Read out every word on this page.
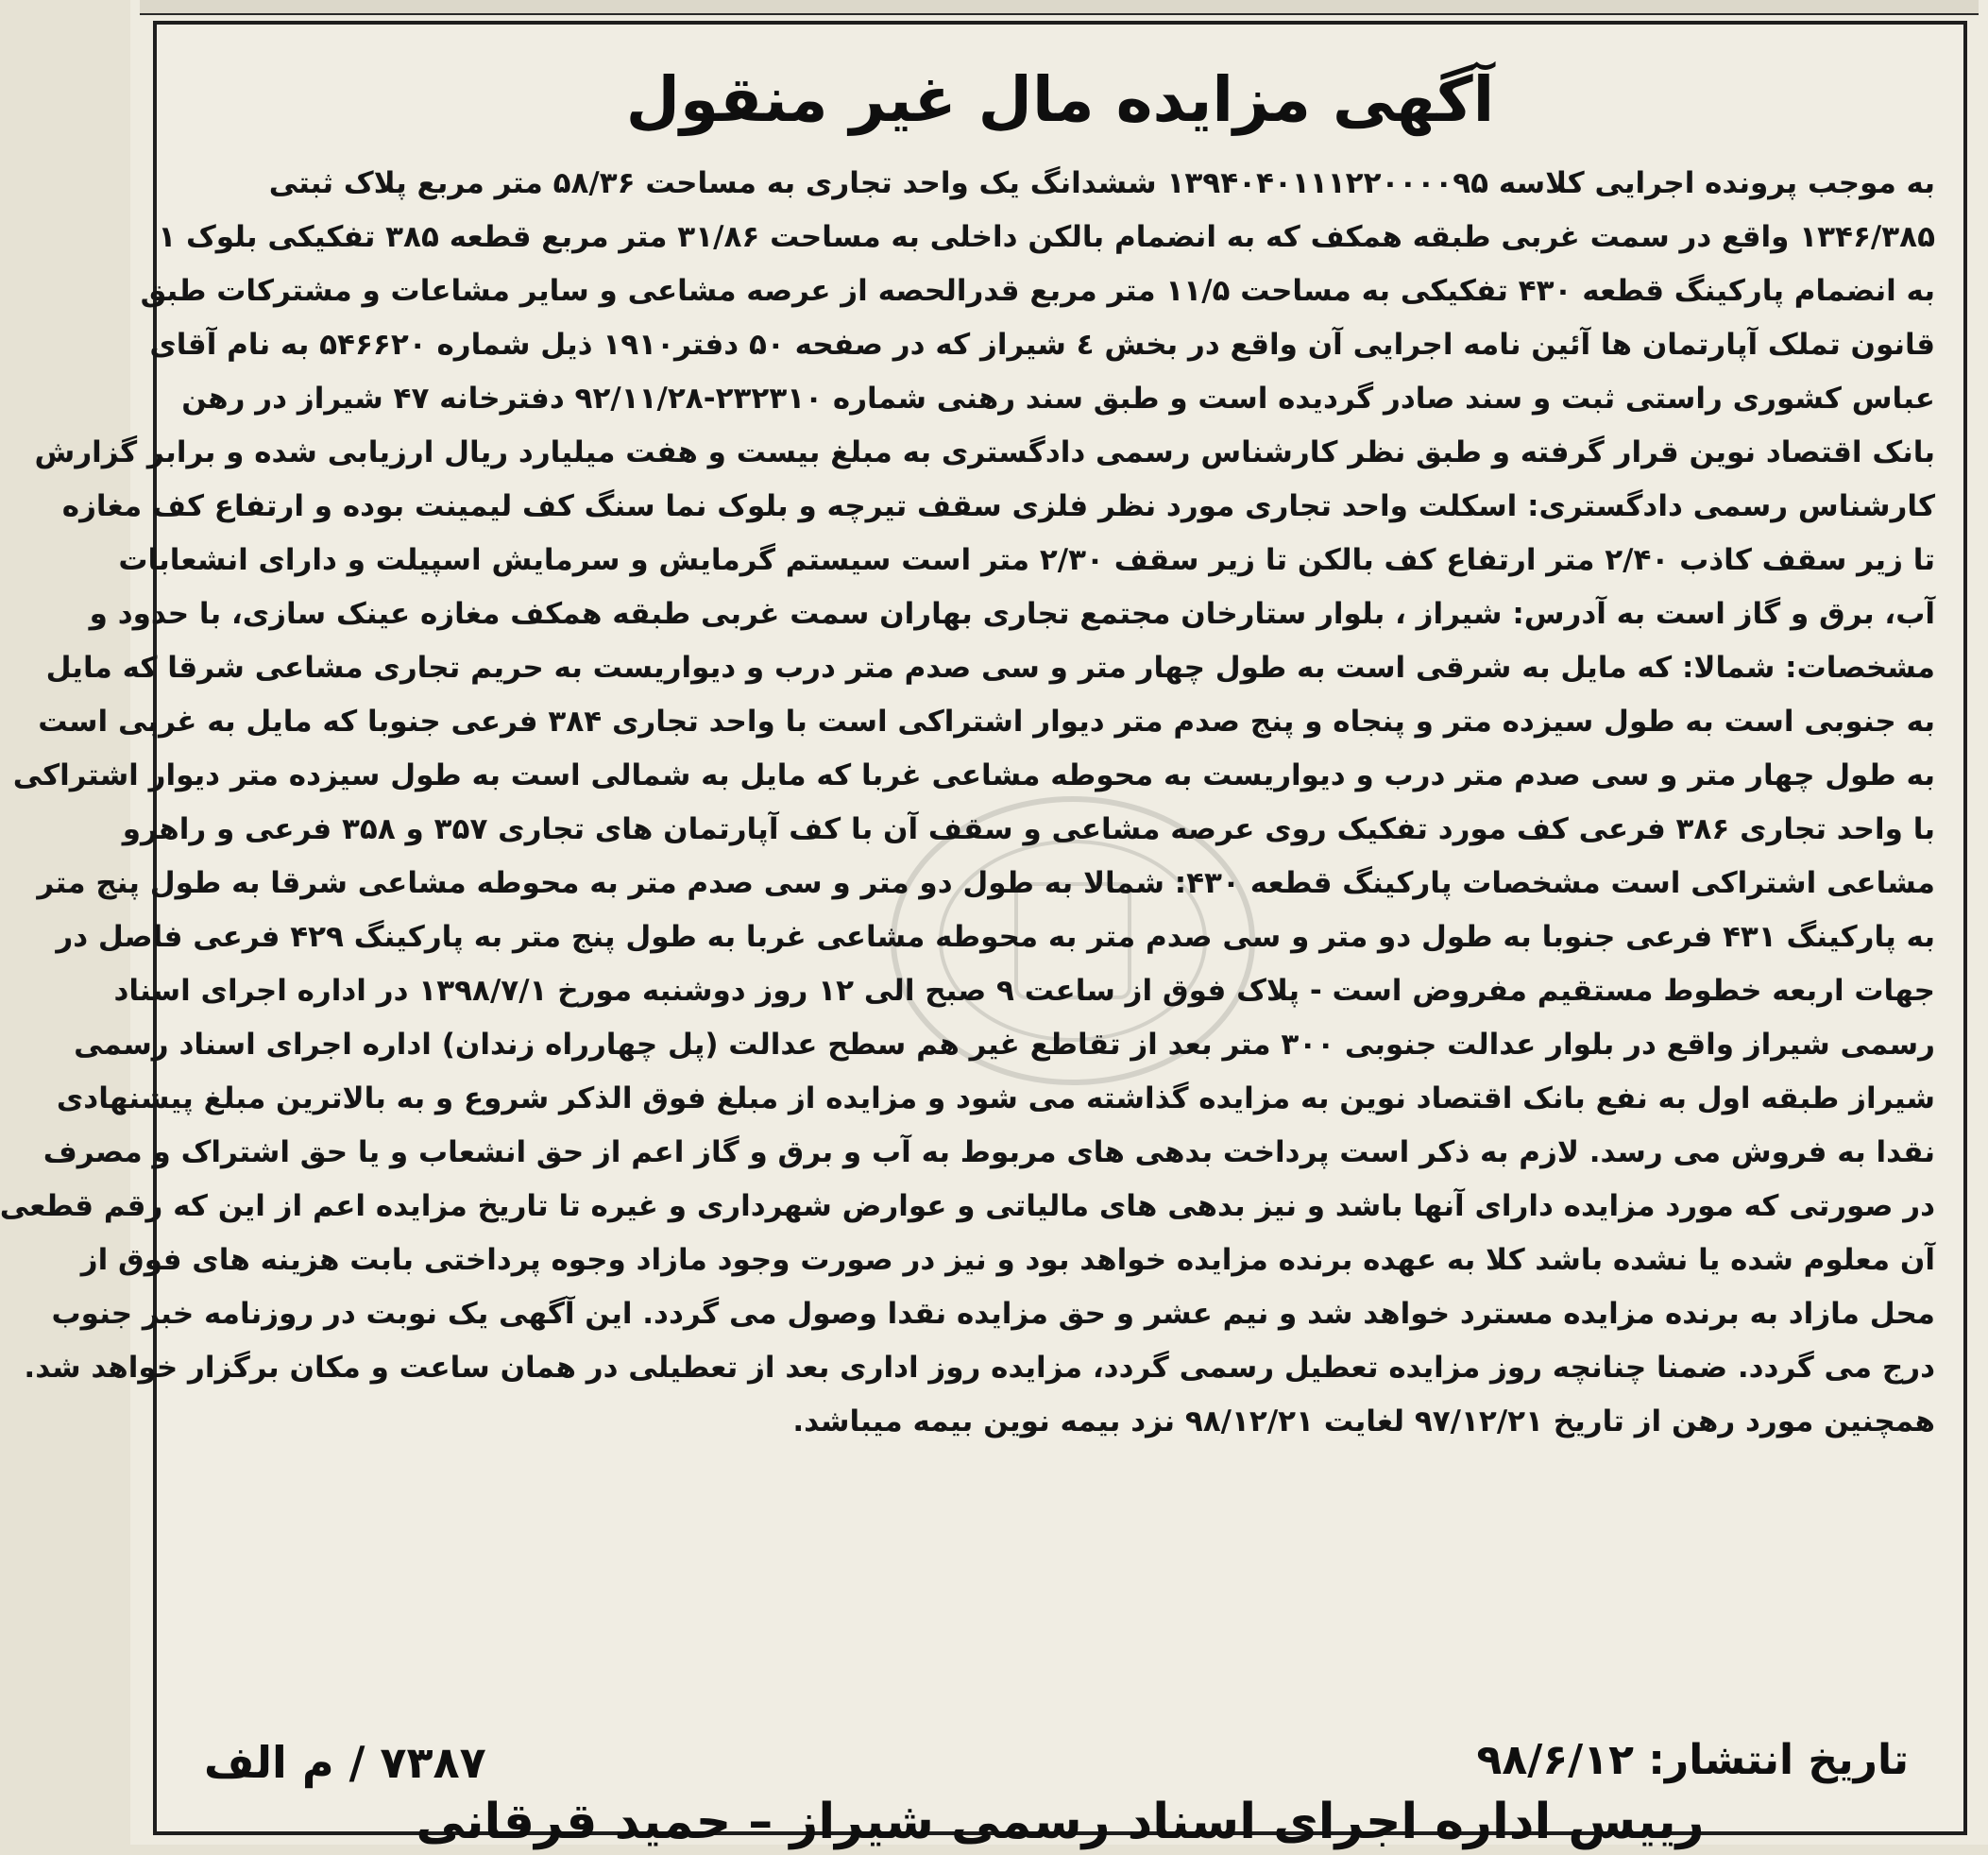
آگهی مزایده مال غیر منقول
به موجب پرونده اجرایی کلاسه ۱۳۹۴۰۴۰۱۱۱۲۲۰۰۰۰۹۵ ششدانگ یک واحد تجاری به مساحت ۵۸/۳۶ متر مربع پلاک ثبتی
۱۳۴۶/۳۸۵ واقع در سمت غربی طبقه همکف که به انضمام بالکن داخلی به مساحت ۳۱/۸۶ متر مربع قطعه ۳۸۵ تفکیکی بلوک ۱
به انضمام پارکینگ قطعه ۴۳۰ تفکیکی به مساحت ۱۱/۵ متر مربع قدرالحصه از عرصه مشاعی و سایر مشاعات و مشترکات طبق
قانون تملک آپارتمان ها آئین نامه اجرایی آن واقع در بخش ٤ شیراز که در صفحه ۵۰ دفتر۱۹۱۰ ذیل شماره ۵۴۶۶۲۰ به نام آقای
عباس کشوری راستی ثبت و سند صادر گردیده است و طبق سند رهنی شماره ۲۳۲۳۱۰-۹۲/۱۱/۲۸ دفترخانه ۴۷ شیراز در رهن
بانک اقتصاد نوین قرار گرفته و طبق نظر کارشناس رسمی دادگستری به مبلغ بیست و هفت میلیارد ریال ارزیابی شده و برابر گزارش
کارشناس رسمی دادگستری: اسکلت واحد تجاری مورد نظر فلزی سقف تیرچه و بلوک نما سنگ کف لیمینت بوده و ارتفاع کف مغازه
تا زیر سقف کاذب ۲/۴۰ متر ارتفاع کف بالکن تا زیر سقف ۲/۳۰ متر است سیستم گرمایش و سرمایش اسپیلت و دارای انشعابات
آب، برق و گاز است به آدرس: شیراز ، بلوار ستارخان مجتمع تجاری بهاران سمت غربی طبقه همکف مغازه عینک سازی، با حدود و
مشخصات: شمالا: که مایل به شرقی است به طول چهار متر و سی صدم متر درب و دیواریست به حریم تجاری مشاعی شرقا که مایل
به جنوبی است به طول سیزده متر و پنجاه و پنج صدم متر دیوار اشتراکی است با واحد تجاری ۳۸۴ فرعی جنوبا که مایل به غربی است
به طول چهار متر و سی صدم متر درب و دیواریست به محوطه مشاعی غربا که مایل به شمالی است به طول سیزده متر دیوار اشتراکی
با واحد تجاری ۳۸۶ فرعی کف مورد تفکیک روی عرصه مشاعی و سقف آن با کف آپارتمان های تجاری ۳۵۷ و ۳۵۸ فرعی و راهرو
مشاعی اشتراکی است مشخصات پارکینگ قطعه ۴۳۰: شمالا به طول دو متر و سی صدم متر به محوطه مشاعی شرقا به طول پنج متر
به پارکینگ ۴۳۱ فرعی جنوبا به طول دو متر و سی صدم متر به محوطه مشاعی غربا به طول پنج متر به پارکینگ ۴۲۹ فرعی فاصل در
جهات اربعه خطوط مستقیم مفروض است - پلاک فوق از ساعت ۹ صبح الی ۱۲ روز دوشنبه مورخ ۱۳۹۸/۷/۱ در اداره اجرای اسناد
رسمی شیراز واقع در بلوار عدالت جنوبی ۳۰۰ متر بعد از تقاطع غیر هم سطح عدالت (پل چهارراه زندان) اداره اجرای اسناد رسمی
شیراز طبقه اول به نفع بانک اقتصاد نوین به مزایده گذاشته می شود و مزایده از مبلغ فوق الذکر شروع و به بالاترین مبلغ پیشنهادی
نقدا به فروش می رسد. لازم به ذکر است پرداخت بدهی های مربوط به آب و برق و گاز اعم از حق انشعاب و یا حق اشتراک و مصرف
در صورتی که مورد مزایده دارای آنها باشد و نیز بدهی های مالیاتی و عوارض شهرداری و غیره تا تاریخ مزایده اعم از این که رقم قطعی
آن معلوم شده یا نشده باشد کلا به عهده برنده مزایده خواهد بود و نیز در صورت وجود مازاد وجوه پرداختی بابت هزینه های فوق از
محل مازاد به برنده مزایده مسترد خواهد شد و نیم عشر و حق مزایده نقدا وصول می گردد. این آگهی یک نوبت در روزنامه خبر جنوب
درج می گردد. ضمنا چنانچه روز مزایده تعطیل رسمی گردد، مزایده روز اداری بعد از تعطیلی در همان ساعت و مکان برگزار خواهد شد.
همچنین مورد رهن از تاریخ ۹۷/۱۲/۲۱ لغایت ۹۸/۱۲/۲۱ نزد بیمه نوین بیمه میباشد.
تاریخ انتشار: ۹۸/۶/۱۲
۷۳۸۷ / م الف
رییس اداره اجرای اسناد رسمی شیراز – حمید قرقانی
